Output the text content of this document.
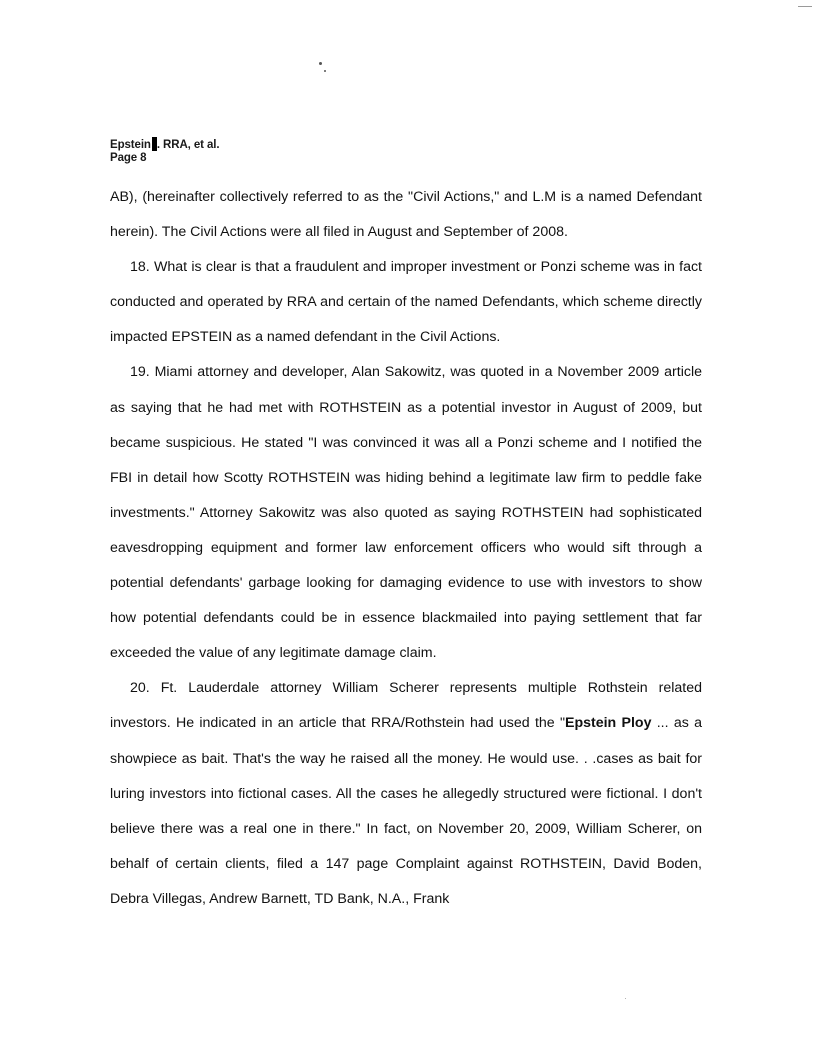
Epstein . RRA, et al.
Page 8

AB), (hereinafter collectively referred to as the "Civil Actions," and L.M is a named Defendant herein). The Civil Actions were all filed in August and September of 2008.

18. What is clear is that a fraudulent and improper investment or Ponzi scheme was in fact conducted and operated by RRA and certain of the named Defendants, which scheme directly impacted EPSTEIN as a named defendant in the Civil Actions.

19. Miami attorney and developer, Alan Sakowitz, was quoted in a November 2009 article as saying that he had met with ROTHSTEIN as a potential investor in August of 2009, but became suspicious. He stated "I was convinced it was all a Ponzi scheme and I notified the FBI in detail how Scotty ROTHSTEIN was hiding behind a legitimate law firm to peddle fake investments." Attorney Sakowitz was also quoted as saying ROTHSTEIN had sophisticated eavesdropping equipment and former law enforcement officers who would sift through a potential defendants' garbage looking for damaging evidence to use with investors to show how potential defendants could be in essence blackmailed into paying settlement that far exceeded the value of any legitimate damage claim.

20. Ft. Lauderdale attorney William Scherer represents multiple Rothstein related investors. He indicated in an article that RRA/Rothstein had used the "Epstein Ploy ... as a showpiece as bait. That's the way he raised all the money. He would use. . .cases as bait for luring investors into fictional cases. All the cases he allegedly structured were fictional. I don't believe there was a real one in there." In fact, on November 20, 2009, William Scherer, on behalf of certain clients, filed a 147 page Complaint against ROTHSTEIN, David Boden, Debra Villegas, Andrew Barnett, TD Bank, N.A., Frank
